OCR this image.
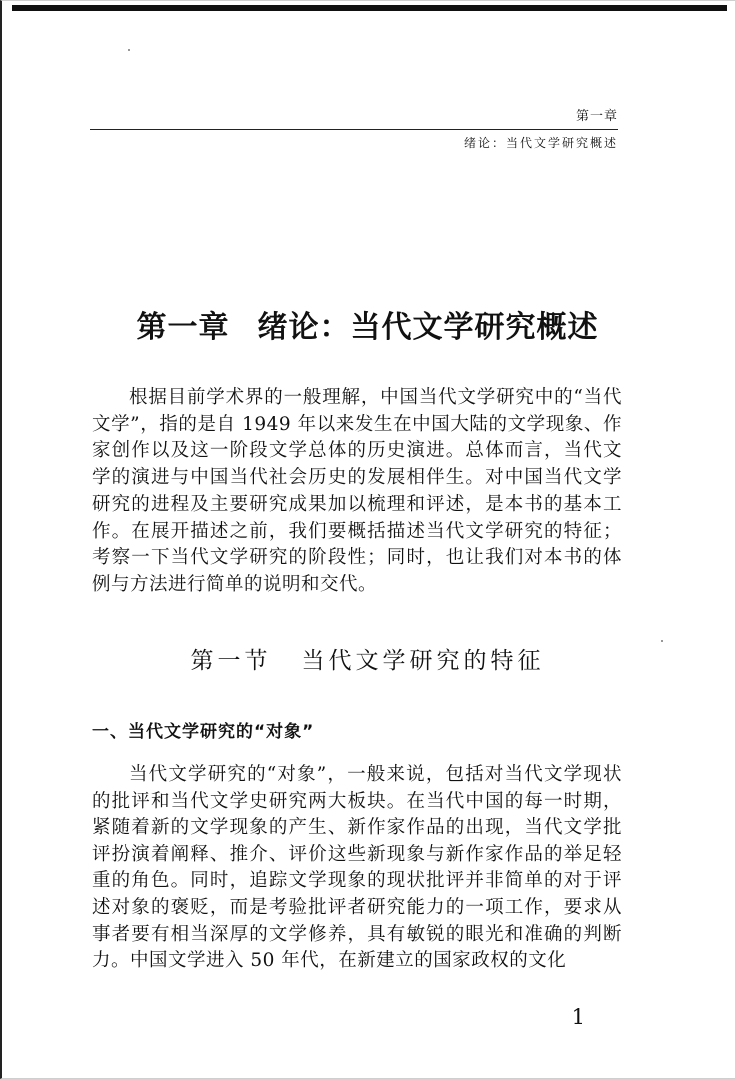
第一章
绪论：当代文学研究概述
第一章 绪论：当代文学研究概述

根据目前学术界的一般理解，中国当代文学研究中的“当代文学”，指的是自 1949 年以来发生在中国大陆的文学现象、作家创作以及这一阶段文学总体的历史演进。总体而言，当代文学的演进与中国当代社会历史的发展相伴生。对中国当代文学研究的进程及主要研究成果加以梳理和评述，是本书的基本工作。在展开描述之前，我们要概括描述当代文学研究的特征；考察一下当代文学研究的阶段性；同时，也让我们对本书的体例与方法进行简单的说明和交代。

第一节 当代文学研究的特征
一、当代文学研究的“对象”

当代文学研究的“对象”，一般来说，包括对当代文学现状的批评和当代文学史研究两大板块。在当代中国的每一时期，紧随着新的文学现象的产生、新作家作品的出现，当代文学批评扮演着阐释、推介、评价这些新现象与新作家作品的举足轻重的角色。同时，追踪文学现象的现状批评并非简单的对于评述对象的褒贬，而是考验批评者研究能力的一项工作，要求从事者要有相当深厚的文学修养，具有敏锐的眼光和准确的判断力。中国文学进入 50 年代，在新建立的国家政权的文化

1
